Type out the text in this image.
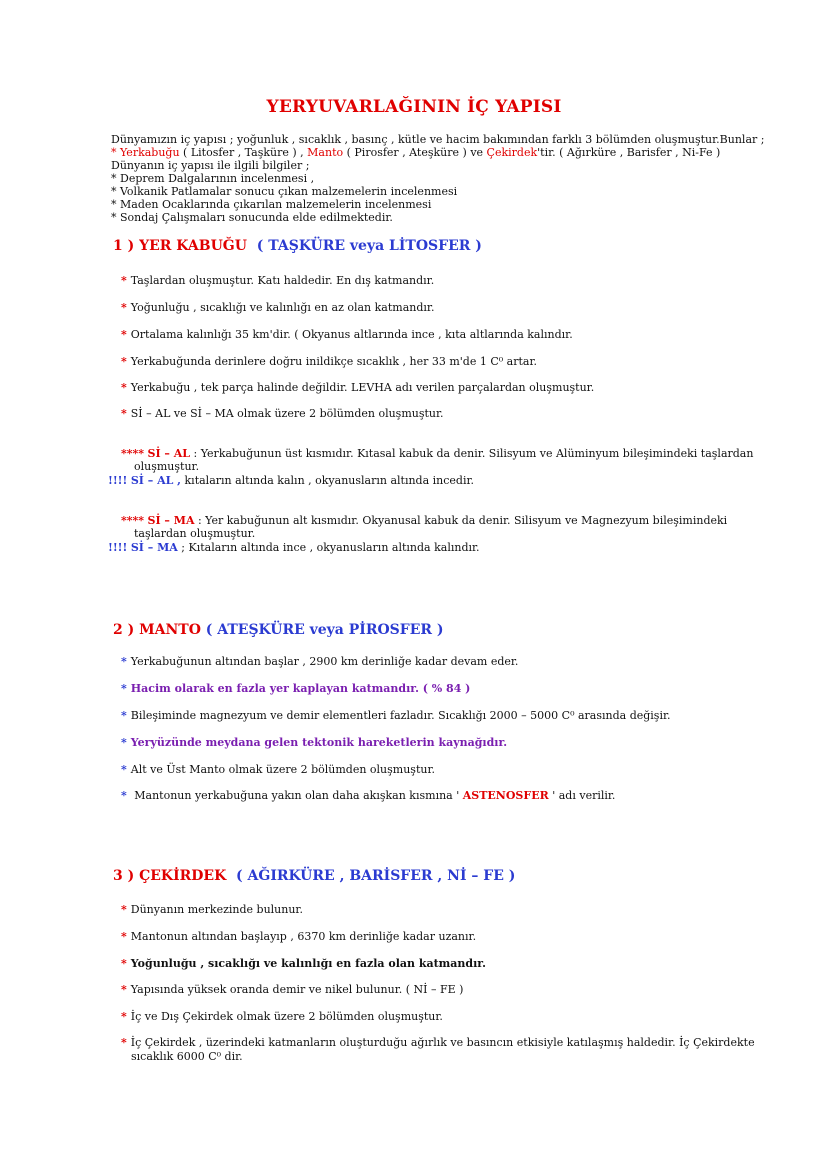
YERYUVARLAĞININ İÇ YAPISI
Dünyamızın iç yapısı ; yoğunluk , sıcaklık , basınç , kütle ve hacim bakımından farklı 3 bölümden oluşmuştur.Bunlar ;
* Yerkabuğu ( Litosfer , Taşküre ) , Manto ( Pirosfer , Ateşküre ) ve Çekirdek'tir. ( Ağırküre , Barisfer , Ni-Fe )
Dünyanın iç yapısı ile ilgili bilgiler ;
* Deprem Dalgalarının incelenmesi ,
* Volkanik Patlamalar sonucu çıkan malzemelerin incelenmesi
* Maden Ocaklarında çıkarılan malzemelerin incelenmesi
* Sondaj Çalışmaları sonucunda elde edilmektedir.
1 ) YER KABUĞU ( TAŞKÜRE veya LİTOSFER )
* Taşlardan oluşmuştur. Katı haldedir. En dış katmandır.
* Yoğunluğu , sıcaklığı ve kalınlığı en az olan katmandır.
* Ortalama kalınlığı 35 km'dir. ( Okyanus altlarında ince , kıta altlarında kalındır.
* Yerkabuğunda derinlere doğru inildikçe sıcaklık , her 33 m'de 1 C⁰ artar.
* Yerkabuğu , tek parça halinde değildir. LEVHA adı verilen parçalardan oluşmuştur.
* Sİ – AL ve Sİ – MA olmak üzere 2 bölümden oluşmuştur.
**** Sİ – AL : Yerkabuğunun üst kısmıdır. Kıtasal kabuk da denir. Silisyum ve Alüminyum bileşimindeki taşlardan
oluşmuştur.
!!!! Sİ – AL , kıtaların altında kalın , okyanusların altında incedir.
**** Sİ – MA : Yer kabuğunun alt kısmıdır. Okyanusal kabuk da denir. Silisyum ve Magnezyum bileşimindeki
taşlardan oluşmuştur.
!!!! Sİ – MA ; Kıtaların altında ince , okyanusların altında kalındır.
2 ) MANTO ( ATEŞKÜRE veya PİROSFER )
* Yerkabuğunun altından başlar , 2900 km derinliğe kadar devam eder.
* Hacim olarak en fazla yer kaplayan katmandır. ( % 84 )
* Bileşiminde magnezyum ve demir elementleri fazladır. Sıcaklığı 2000 – 5000 C⁰ arasında değişir.
* Yeryüzünde meydana gelen tektonik hareketlerin kaynağıdır.
* Alt ve Üst Manto olmak üzere 2 bölümden oluşmuştur.
* Mantonun yerkabuğuna yakın olan daha akışkan kısmına ' ASTENOSFER ' adı verilir.
3 ) ÇEKİRDEK ( AĞIRKÜRE , BARİSFER , Nİ – FE )
* Dünyanın merkezinde bulunur.
* Mantonun altından başlayıp , 6370 km derinliğe kadar uzanır.
* Yoğunluğu , sıcaklığı ve kalınlığı en fazla olan katmandır.
* Yapısında yüksek oranda demir ve nikel bulunur. ( Nİ – FE )
* İç ve Dış Çekirdek olmak üzere 2 bölümden oluşmuştur.
* İç Çekirdek , üzerindeki katmanların oluşturduğu ağırlık ve basıncın etkisiyle katılaşmış haldedir. İç Çekirdekte
sıcaklık 6000 C⁰ dir.
